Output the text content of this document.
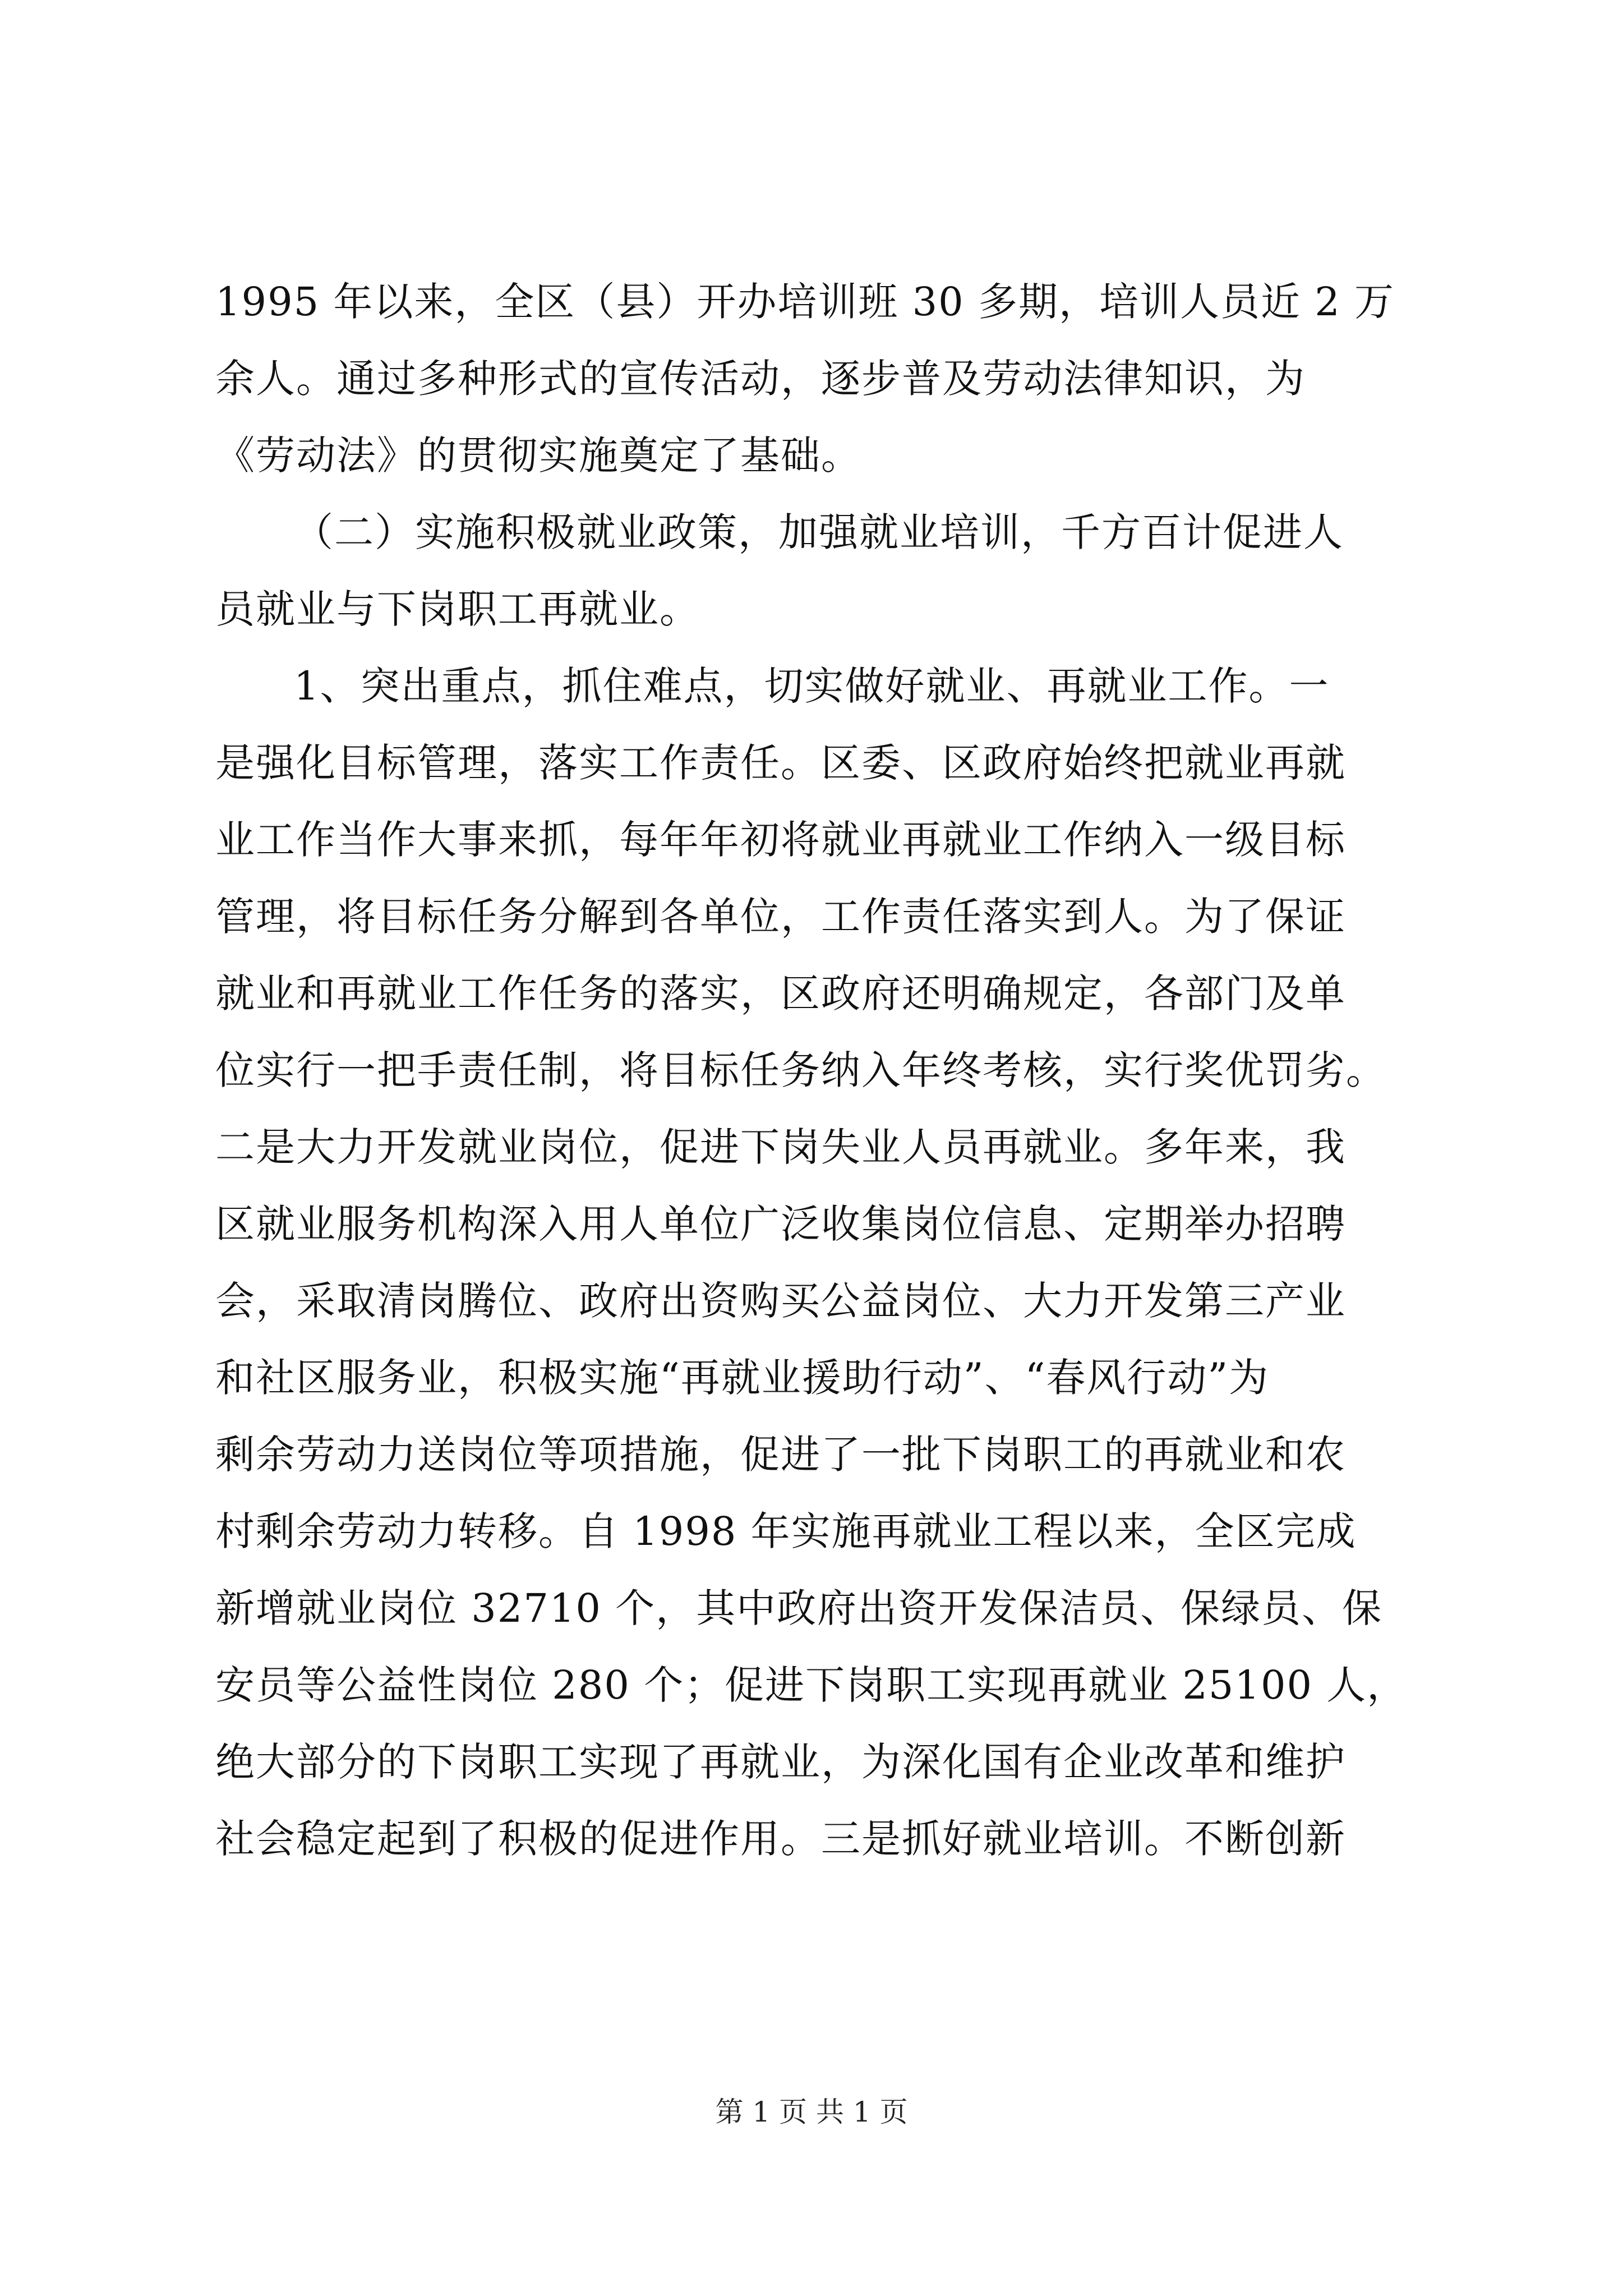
1995 年以来，全区（县）开办培训班 30 多期，培训人员近 2 万
余人。通过多种形式的宣传活动，逐步普及劳动法律知识，为
《劳动法》的贯彻实施奠定了基础。
（二）实施积极就业政策，加强就业培训，千方百计促进人
员就业与下岗职工再就业。
1、突出重点，抓住难点，切实做好就业、再就业工作。一
是强化目标管理，落实工作责任。区委、区政府始终把就业再就
业工作当作大事来抓，每年年初将就业再就业工作纳入一级目标
管理，将目标任务分解到各单位，工作责任落实到人。为了保证
就业和再就业工作任务的落实，区政府还明确规定，各部门及单
位实行一把手责任制，将目标任务纳入年终考核，实行奖优罚劣。
二是大力开发就业岗位，促进下岗失业人员再就业。多年来，我
区就业服务机构深入用人单位广泛收集岗位信息、定期举办招聘
会，采取清岗腾位、政府出资购买公益岗位、大力开发第三产业
和社区服务业，积极实施“再就业援助行动”、“春风行动”为
剩余劳动力送岗位等项措施，促进了一批下岗职工的再就业和农
村剩余劳动力转移。自 1998 年实施再就业工程以来，全区完成
新增就业岗位 32710 个，其中政府出资开发保洁员、保绿员、保
安员等公益性岗位 280 个；促进下岗职工实现再就业 25100 人，
绝大部分的下岗职工实现了再就业，为深化国有企业改革和维护
社会稳定起到了积极的促进作用。三是抓好就业培训。不断创新
第 1 页 共 1 页
